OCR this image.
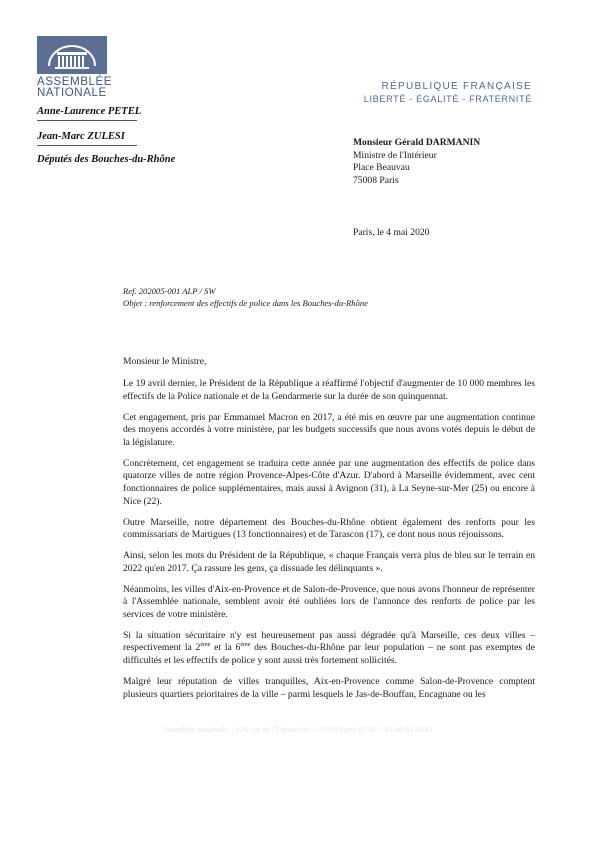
ASSEMBLÉE
NATIONALE
Anne-Laurence PETEL
Jean-Marc ZULESI
Députés des Bouches-du-Rhône
RÉPUBLIQUE FRANÇAISE
LIBERTÉ - ÉGALITÉ - FRATERNITÉ
Monsieur Gérald DARMANIN
Ministre de l'Intérieur
Place Beauvau
75008 Paris
Paris, le 4 mai 2020
Ref. 202005-001 ALP / SW
Objet : renforcement des effectifs de police dans les Bouches-du-Rhône
Monsieur le Ministre,

Le 19 avril dernier, le Président de la République a réaffirmé l'objectif d'augmenter de 10 000 membres les effectifs de la Police nationale et de la Gendarmerie sur la durée de son quinquennat.

Cet engagement, pris par Emmanuel Macron en 2017, a été mis en œuvre par une augmentation continue des moyens accordés à votre ministère, par les budgets successifs que nous avons votés depuis le début de la législature.

Concrètement, cet engagement se traduira cette année par une augmentation des effectifs de police dans quatorze villes de notre région Provence-Alpes-Côte d'Azur. D'abord à Marseille évidemment, avec cent fonctionnaires de police supplémentaires, mais aussi à Avignon (31), à La Seyne-sur-Mer (25) ou encore à Nice (22).

Outre Marseille, notre département des Bouches-du-Rhône obtient également des renforts pour les commissariats de Martigues (13 fonctionnaires) et de Tarascon (17), ce dont nous nous réjouissons.

Ainsi, selon les mots du Président de la République, « chaque Français verra plus de bleu sur le terrain en 2022 qu'en 2017. Ça rassure les gens, ça dissuade les délinquants ».

Néanmoins, les villes d'Aix-en-Provence et de Salon-de-Provence, que nous avons l'honneur de représenter à l'Assemblée nationale, semblent avoir été oubliées lors de l'annonce des renforts de police par les services de votre ministère.

Si la situation sécuritaire n'y est heureusement pas aussi dégradée qu'à Marseille, ces deux villes – respectivement la 2ème et la 6ème des Bouches-du-Rhône par leur population – ne sont pas exemptes de difficultés et les effectifs de police y sont aussi très fortement sollicités.

Malgré leur réputation de villes tranquilles, Aix-en-Provence comme Salon-de-Provence comptent plusieurs quartiers prioritaires de la ville – parmi lesquels le Jas-de-Bouffan, Encagnane ou les

Assemblée nationale – 126 rue de l'Université – 75355 Paris 07 SP – 01 40 63 04 61
